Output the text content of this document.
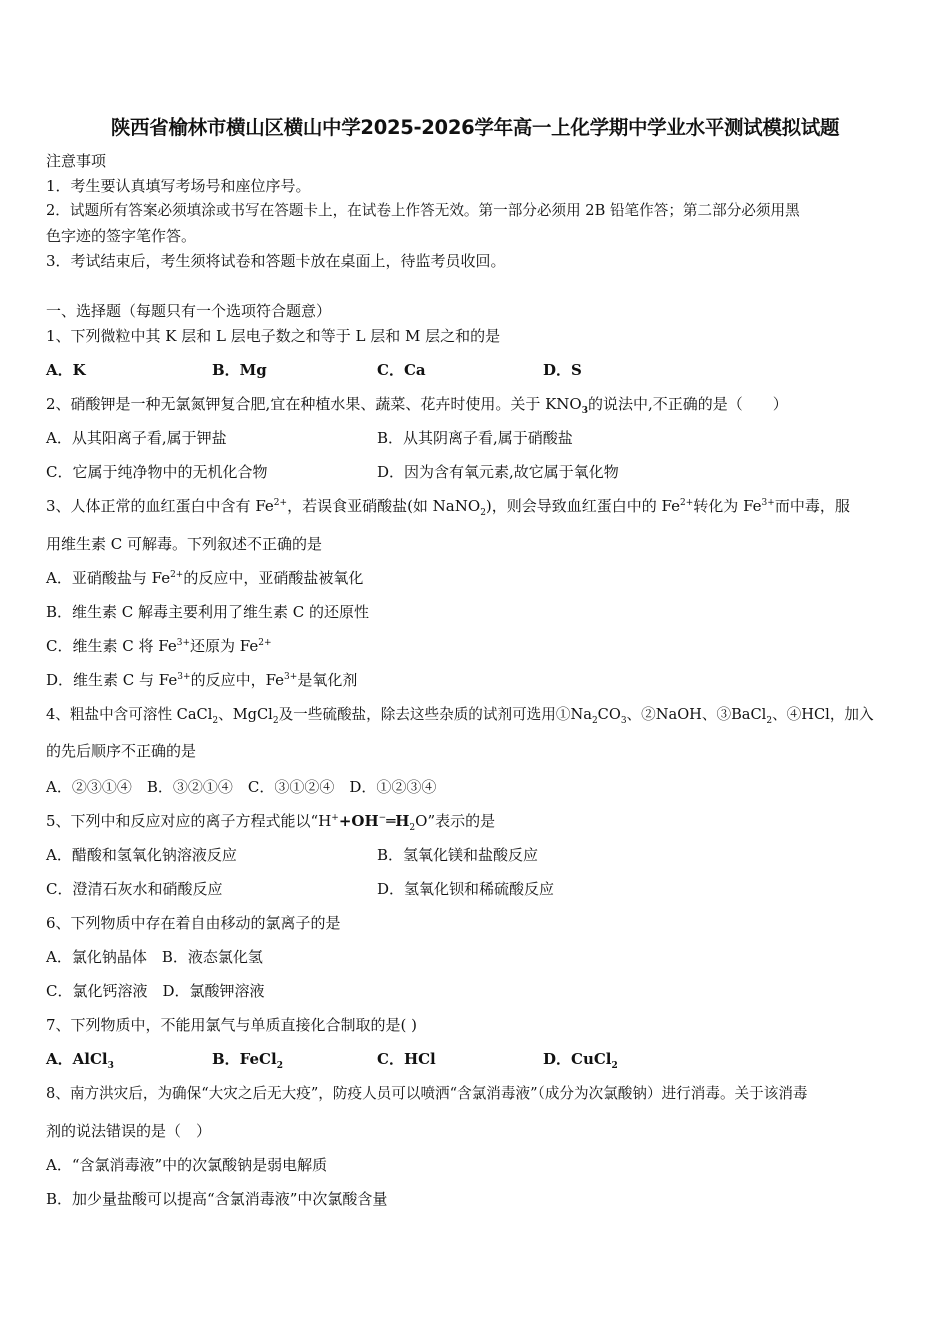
陕西省榆林市横山区横山中学2025-2026学年高一上化学期中学业水平测试模拟试题
注意事项
1．考生要认真填写考场号和座位序号。
2．试题所有答案必须填涂或书写在答题卡上，在试卷上作答无效。第一部分必须用 2B 铅笔作答；第二部分必须用黑
色字迹的签字笔作答。
3．考试结束后，考生须将试卷和答题卡放在桌面上，待监考员收回。
一、选择题（每题只有一个选项符合题意）
1、下列微粒中其 K 层和 L 层电子数之和等于 L 层和 M 层之和的是
A．K	B．Mg	C．Ca	D．S
2、硝酸钾是一种无氯氮钾复合肥,宜在种植水果、蔬菜、花卉时使用。关于 $KNO_3$的说法中,不正确的是（　　）
A．从其阳离子看,属于钾盐	B．从其阴离子看,属于硝酸盐
C．它属于纯净物中的无机化合物	D．因为含有氧元素,故它属于氧化物
3、人体正常的血红蛋白中含有 $Fe^{2+}$，若误食亚硝酸盐(如 NaNO$_2$)，则会导致血红蛋白中的 $Fe^{2+}$转化为 $Fe^{3+}$而中毒，服
用维生素 C 可解毒。下列叙述不正确的是
A．亚硝酸盐与 $Fe^{2+}$的反应中，亚硝酸盐被氧化
B．维生素 C 解毒主要利用了维生素 C 的还原性
C．维生素 C 将 $Fe^{3+}$还原为 $Fe^{2+}$
D．维生素 C 与 $Fe^{3+}$的反应中，$Fe^{3+}$是氧化剂
4、粗盐中含可溶性 CaCl$_2$、MgCl$_2$及一些硫酸盐，除去这些杂质的试剂可选用$①Na_2CO_3$、②NaOH、③BaCl$_2$、④HCl，加入
的先后顺序不正确的是
A．②③①④　B．③②①④　C．③①②④　D．①②③④
5、下列中和反应对应的离子方程式能以“$H^++OH^-═H_2O$”表示的是
A．醋酸和氢氧化钠溶液反应	B．氢氧化镁和盐酸反应
C．澄清石灰水和硝酸反应	D．氢氧化钡和稀硫酸反应
6、下列物质中存在着自由移动的氯离子的是
A．氯化钠晶体　B．液态氯化氢
C．氯化钙溶液　D．氯酸钾溶液
7、下列物质中，不能用氯气与单质直接化合制取的是( )
A．AlCl$_3$	B．FeCl$_2$	C．HCl	D．CuCl$_2$
8、南方洪灾后，为确保“大灾之后无大疫”，防疫人员可以喷洒“含氯消毒液”（成分为次氯酸钠）进行消毒。关于该消毒
剂的说法错误的是（　）
A．“含氯消毒液”中的次氯酸钠是弱电解质
B．加少量盐酸可以提高“含氯消毒液”中次氯酸含量
